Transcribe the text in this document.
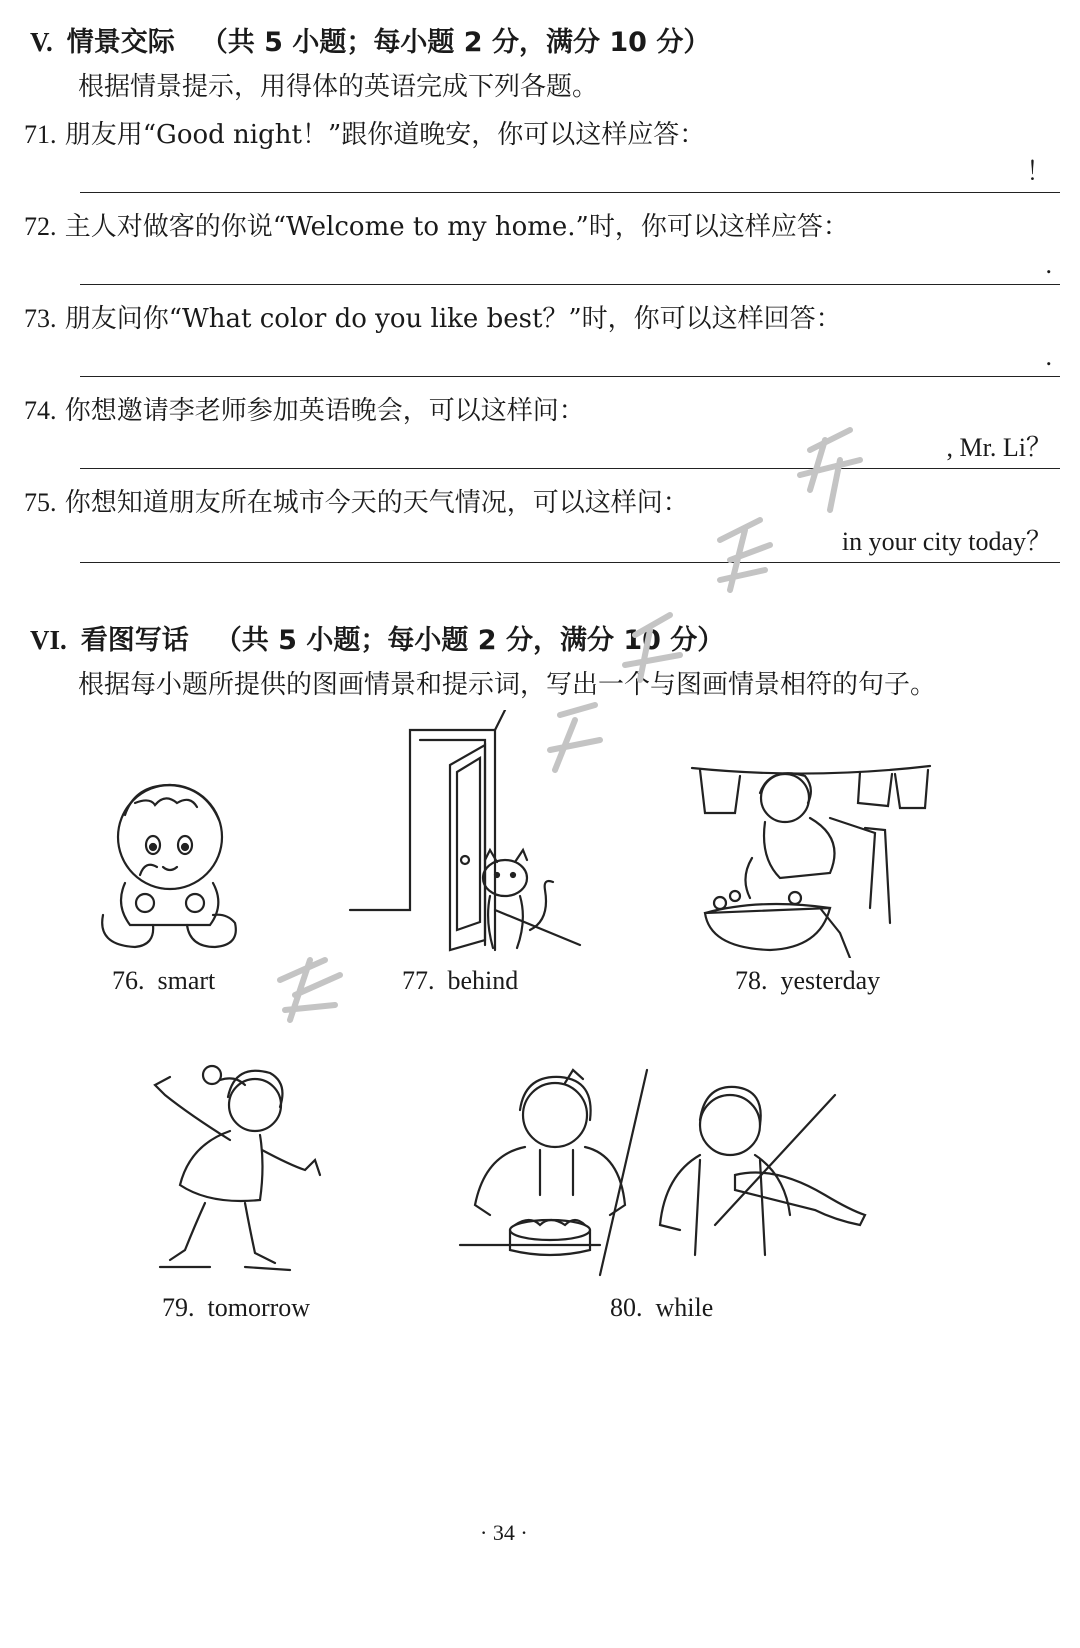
V. 情景交际 （共 5 小题；每小题 2 分，满分 10 分）
根据情景提示，用得体的英语完成下列各题。
71. 朋友用“Good night！”跟你道晚安，你可以这样应答：
！
72. 主人对做客的你说“Welcome to my home.”时，你可以这样应答：
.
73. 朋友问你“What color do you like best？”时，你可以这样回答：
.
74. 你想邀请李老师参加英语晚会，可以这样问：
, Mr. Li？
75. 你想知道朋友所在城市今天的天气情况，可以这样问：
in your city today？
VI. 看图写话 （共 5 小题；每小题 2 分，满分 10 分）
根据每小题所提供的图画情景和提示词，写出一个与图画情景相符的句子。
76. smart	77. behind	78. yesterday
79. tomorrow	80. while
· 34 ·
